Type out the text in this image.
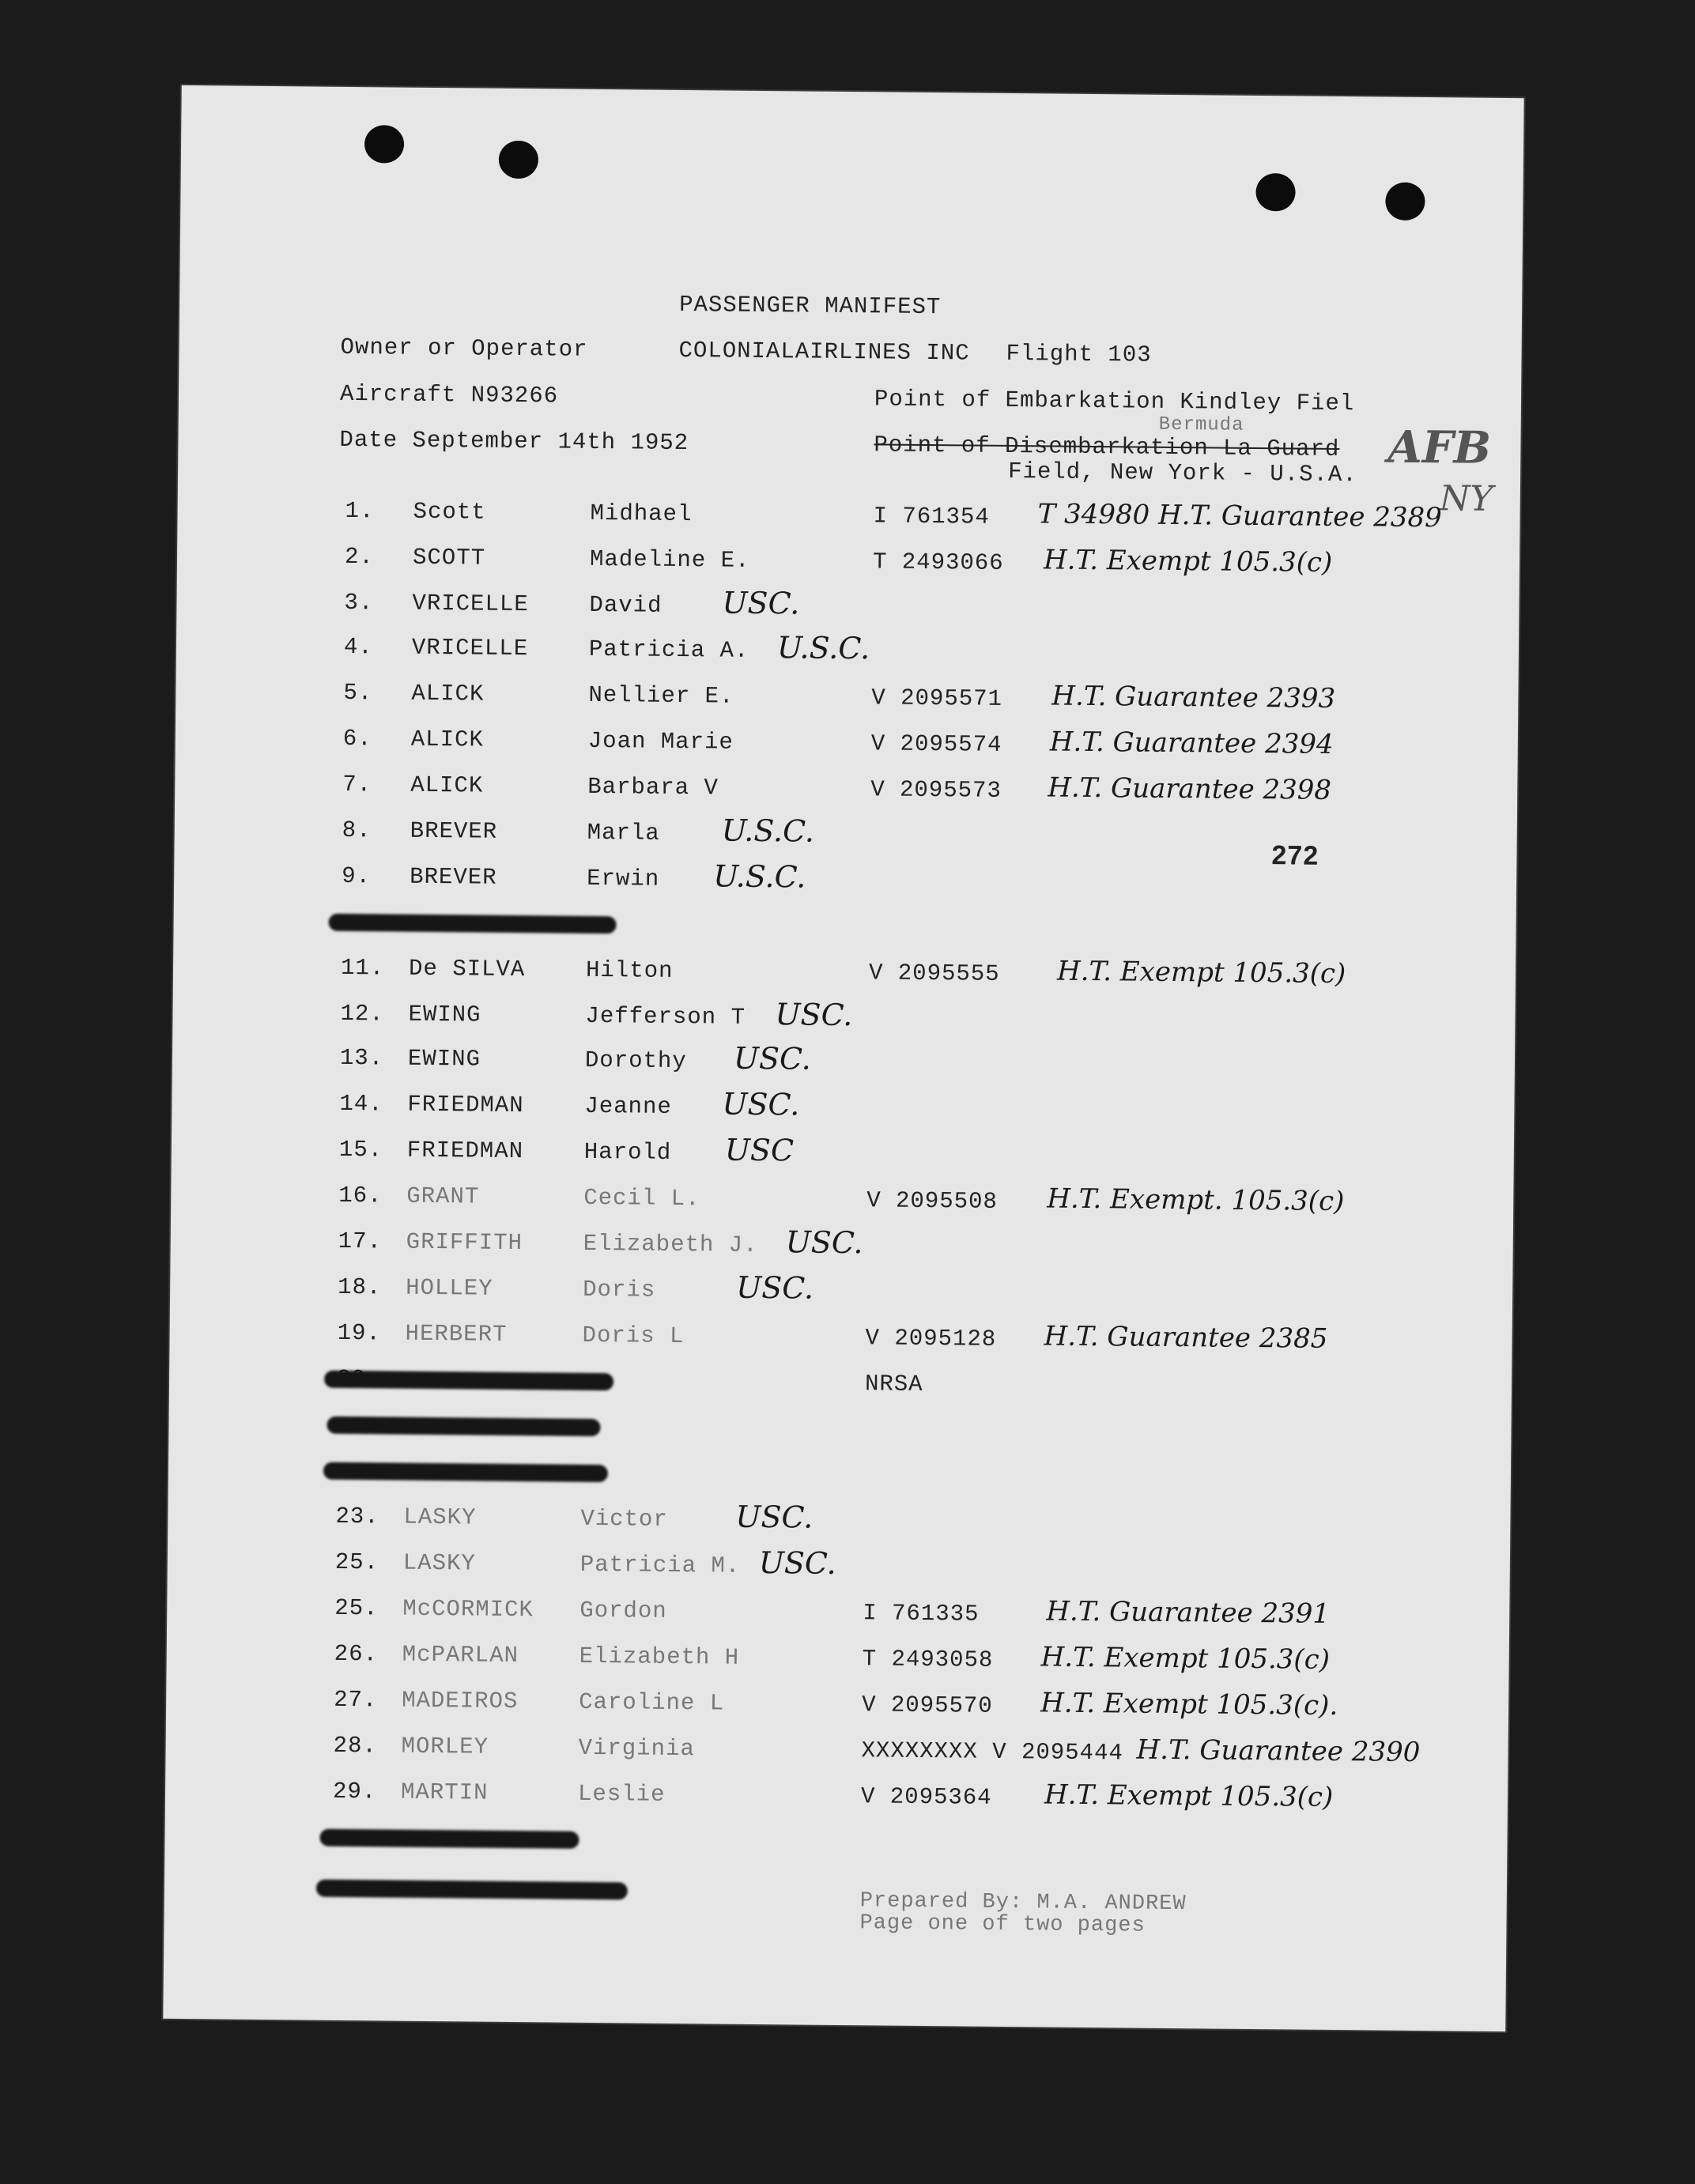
PASSENGER MANIFEST
Owner or Operator	COLONIALAIRLINES INC Flight 103
Aircraft N93266	Point of Embarkation Kindley Fiel
Bermuda
Date September 14th 1952	Point of Disembarkation La Guard
Field, New York - U.S.A. AFB
NY
272
1. Scott	Midhael	I 761354 T 34980 H.T. Guarantee 2389
2. SCOTT	Madeline E.	T 2493066 H.T. Exempt 105.3(c)
3. VRICELLE	David USC.
4. VRICELLE	Patricia A. U.S.C.
5. ALICK	Nellier E.	V 2095571 H.T. Guarantee 2393
6. ALICK	Joan Marie	V 2095574 H.T. Guarantee 2394
7. ALICK	Barbara V	V 2095573 H.T. Guarantee 2398
8. BREVER	Marla U.S.C.
9. BREVER	Erwin U.S.C.
11. De SILVA	Hilton	V 2095555 H.T. Exempt 105.3(c)
12. EWING	Jefferson T USC.
13. EWING	Dorothy USC.
14. FRIEDMAN	Jeanne USC.
15. FRIEDMAN	Harold USC
16. GRANT	Cecil L.	V 2095508 H.T. Exempt. 105.3(c)
17. GRIFFITH	Elizabeth J. USC.
18. HOLLEY	Doris	USC.
19. HERBERT	Doris L	V 2095128 H.T. Guarantee 2385
NRSA
23. LASKY	Victor USC.
25. LASKY	Patricia M. USC.
25. McCORMICK Gordon	I 761335 H.T. Guarantee 2391
26. McPARLAN	Elizabeth H	T 2493058 H.T. Exempt 105.3(c)
27. MADEIROS	Caroline L	V 2095570 H.T. Exempt 105.3(c).
28. MORLEY	Virginia	XXXXXXXX V 2095444 H.T. Guarantee 2390
29. MARTIN	Leslie	V 2095364 H.T. Exempt 105.3(c)
Prepared By: M.A. ANDREW
Page one of two pages
